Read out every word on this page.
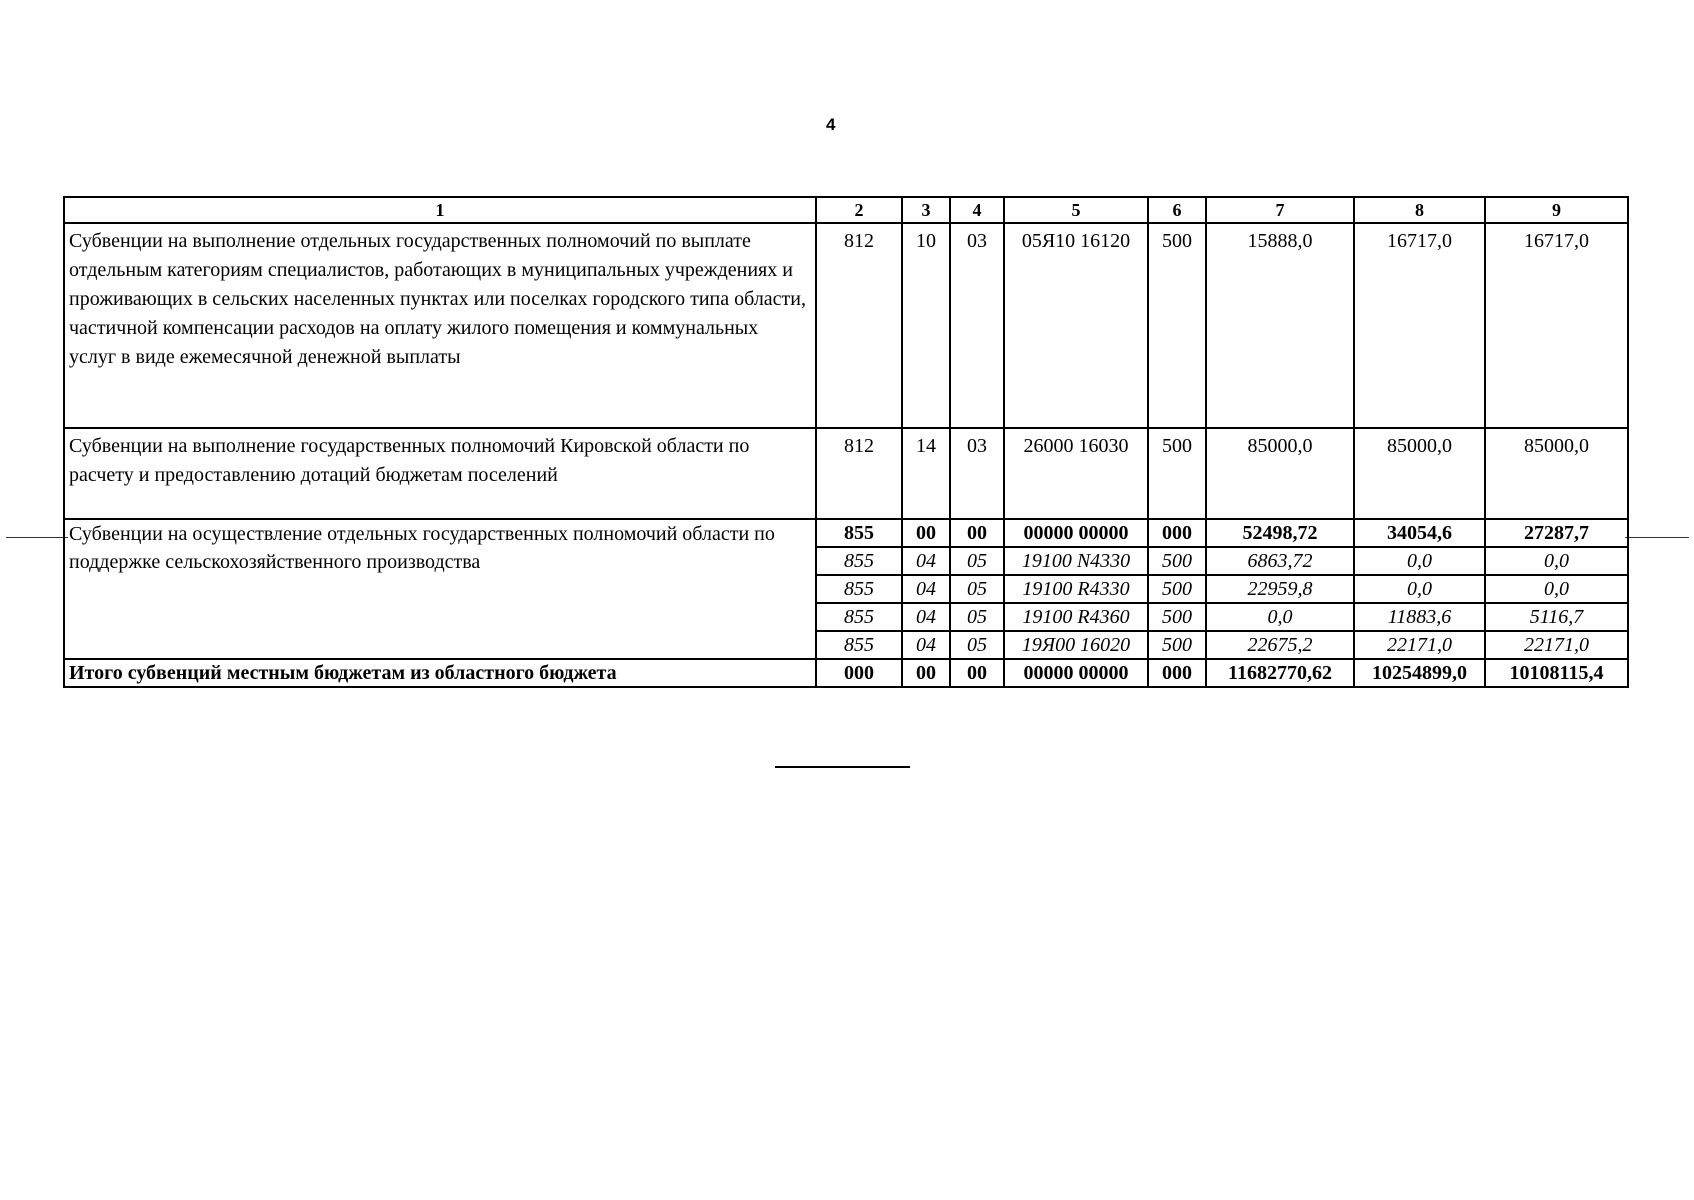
4
1	2	3	4	5	6	7	8	9
Субвенции на выполнение отдельных государственных полномочий по выплате отдельным категориям специалистов, работающих в муниципальных учреждениях и проживающих в сельских населенных пунктах или поселках городского типа области, частичной компенсации расходов на оплату жилого помещения и коммунальных услуг в виде ежемесячной денежной выплаты	812	10	03	05Я10 16120	500	15888,0	16717,0	16717,0
Субвенции на выполнение государственных полномочий Кировской области по расчету и предоставлению дотаций бюджетам поселений	812	14	03	26000 16030	500	85000,0	85000,0	85000,0
Субвенции на осуществление отдельных государственных полномочий области по поддержке сельскохозяйственного производства	855	00	00	00000 00000	000	52498,72	34054,6	27287,7
	855	04	05	19100 N4330	500	6863,72	0,0	0,0
	855	04	05	19100 R4330	500	22959,8	0,0	0,0
	855	04	05	19100 R4360	500	0,0	11883,6	5116,7
	855	04	05	19Я00 16020	500	22675,2	22171,0	22171,0
Итого субвенций местным бюджетам из областного бюджета	000	00	00	00000 00000	000	11682770,62	10254899,0	10108115,4
